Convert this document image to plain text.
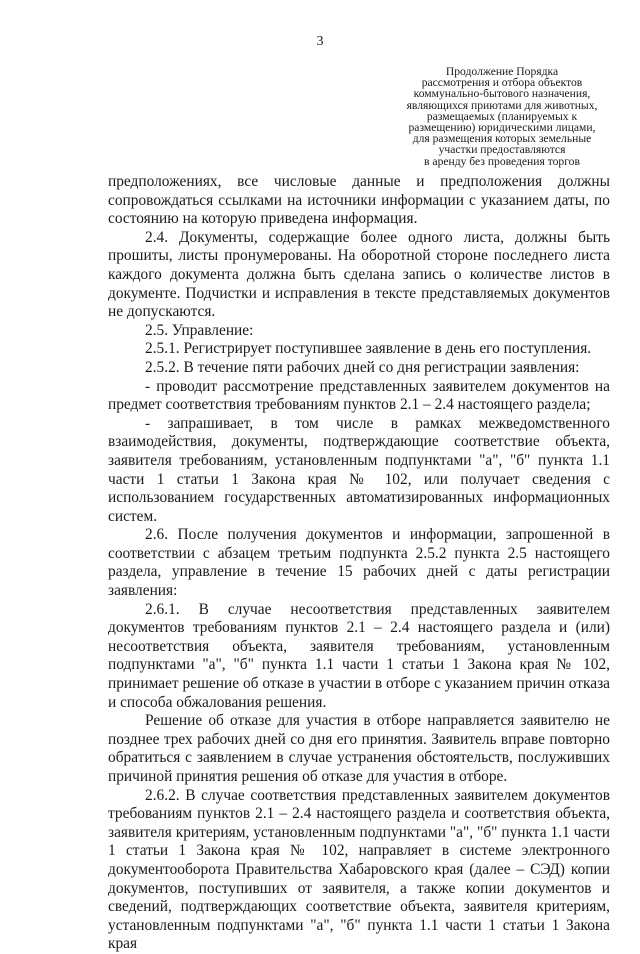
3
Продолжение Порядка
рассмотрения и отбора объектов
коммунально-бытового назначения,
являющихся приютами для животных,
размещаемых (планируемых к
размещению) юридическими лицами,
для размещения которых земельные
участки предоставляются
в аренду без проведения торгов

предположениях, все числовые данные и предположения должны сопровождаться ссылками на источники информации с указанием даты, по состоянию на которую приведена информация.

2.4. Документы, содержащие более одного листа, должны быть прошиты, листы пронумерованы. На оборотной стороне последнего листа каждого документа должна быть сделана запись о количестве листов в документе. Подчистки и исправления в тексте представляемых документов не допускаются.

2.5. Управление:

2.5.1. Регистрирует поступившее заявление в день его поступления.

2.5.2. В течение пяти рабочих дней со дня регистрации заявления:

- проводит рассмотрение представленных заявителем документов на предмет соответствия требованиям пунктов 2.1 – 2.4 настоящего раздела;

- запрашивает, в том числе в рамках межведомственного взаимодействия, документы, подтверждающие соответствие объекта, заявителя требованиям, установленным подпунктами "а", "б" пункта 1.1 части 1 статьи 1 Закона края № 102, или получает сведения с использованием государственных автоматизированных информационных систем.

2.6. После получения документов и информации, запрошенной в соответствии с абзацем третьим подпункта 2.5.2 пункта 2.5 настоящего раздела, управление в течение 15 рабочих дней с даты регистрации заявления:

2.6.1. В случае несоответствия представленных заявителем документов требованиям пунктов 2.1 – 2.4 настоящего раздела и (или) несоответствия объекта, заявителя требованиям, установленным подпунктами "а", "б" пункта 1.1 части 1 статьи 1 Закона края № 102, принимает решение об отказе в участии в отборе с указанием причин отказа и способа обжалования решения.

Решение об отказе для участия в отборе направляется заявителю не позднее трех рабочих дней со дня его принятия. Заявитель вправе повторно обратиться с заявлением в случае устранения обстоятельств, послуживших причиной принятия решения об отказе для участия в отборе.

2.6.2. В случае соответствия представленных заявителем документов требованиям пунктов 2.1 – 2.4 настоящего раздела и соответствия объекта, заявителя критериям, установленным подпунктами "а", "б" пункта 1.1 части 1 статьи 1 Закона края № 102, направляет в системе электронного документооборота Правительства Хабаровского края (далее – СЭД) копии документов, поступивших от заявителя, а также копии документов и сведений, подтверждающих соответствие объекта, заявителя критериям, установленным подпунктами "а", "б" пункта 1.1 части 1 статьи 1 Закона края
